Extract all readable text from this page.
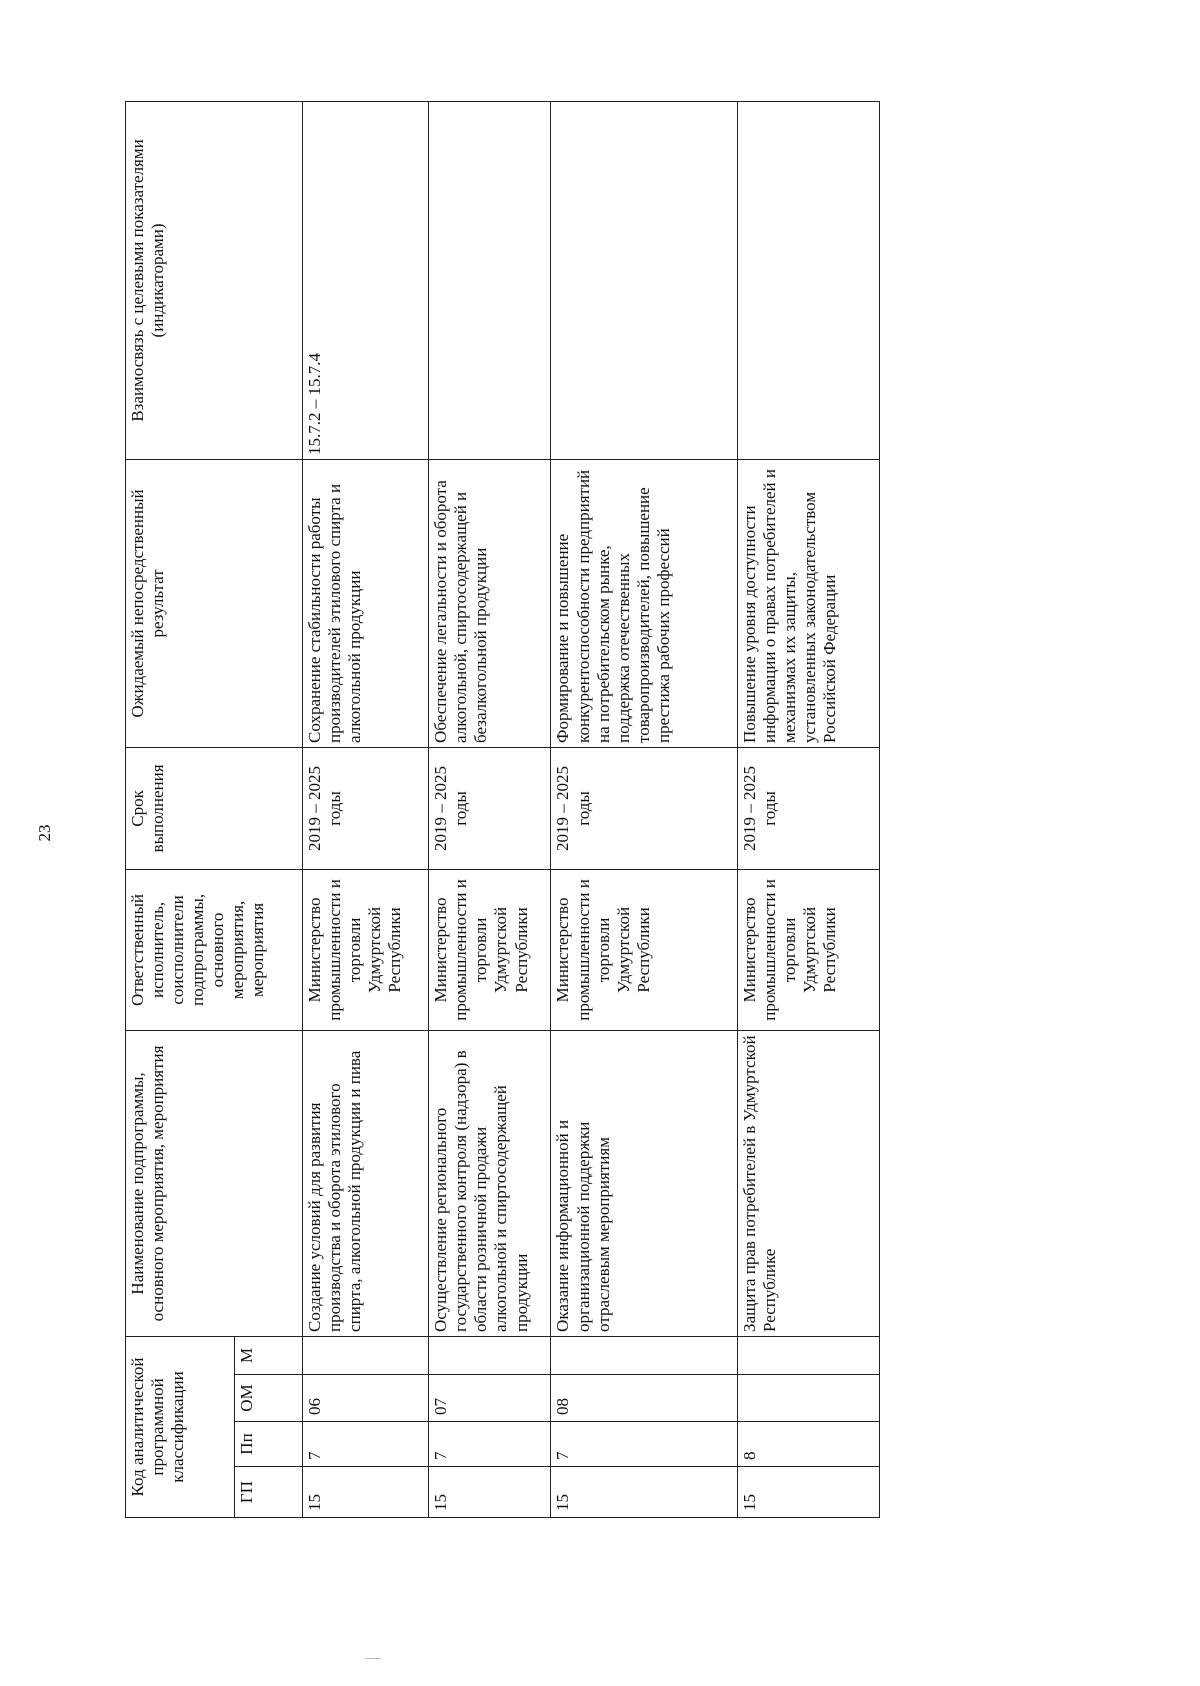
23
Код аналитической программной классификации				Наименование подпрограммы, основного мероприятия, мероприятия	Ответственный исполнитель, соисполнители подпрограммы, основного мероприятия, мероприятия	Срок выполнения	Ожидаемый непосредственный результат	Взаимосвязь с целевыми показателями (индикаторами)
ГП	Пп	ОМ	М					
15	7	06		Создание условий для развития производства и оборота этилового спирта, алкогольной продукции и пива	Министерство промышленности и торговли Удмуртской Республики	2019 – 2025 годы	Сохранение стабильности работы производителей этилового спирта и алкогольной продукции	15.7.2 – 15.7.4
15	7	07		Осуществление регионального государственного контроля (надзора) в области розничной продажи алкогольной и спиртосодержащей продукции	Министерство промышленности и торговли Удмуртской Республики	2019 – 2025 годы	Обеспечение легальности и оборота алкогольной, спиртосодержащей и безалкогольной продукции	
15	7	08		Оказание информационной и организационной поддержки отраслевым мероприятиям	Министерство промышленности и торговли Удмуртской Республики	2019 – 2025 годы	Формирование и повышение конкурентоспособности предприятий на потребительском рынке, поддержка отечественных товаропроизводителей, повышение престижа рабочих профессий	
15	8			Защита прав потребителей в Удмуртской Республике	Министерство промышленности и торговли Удмуртской Республики	2019 – 2025 годы	Повышение уровня доступности информации о правах потребителей и механизмах их защиты, установленных законодательством Российской Федерации	
